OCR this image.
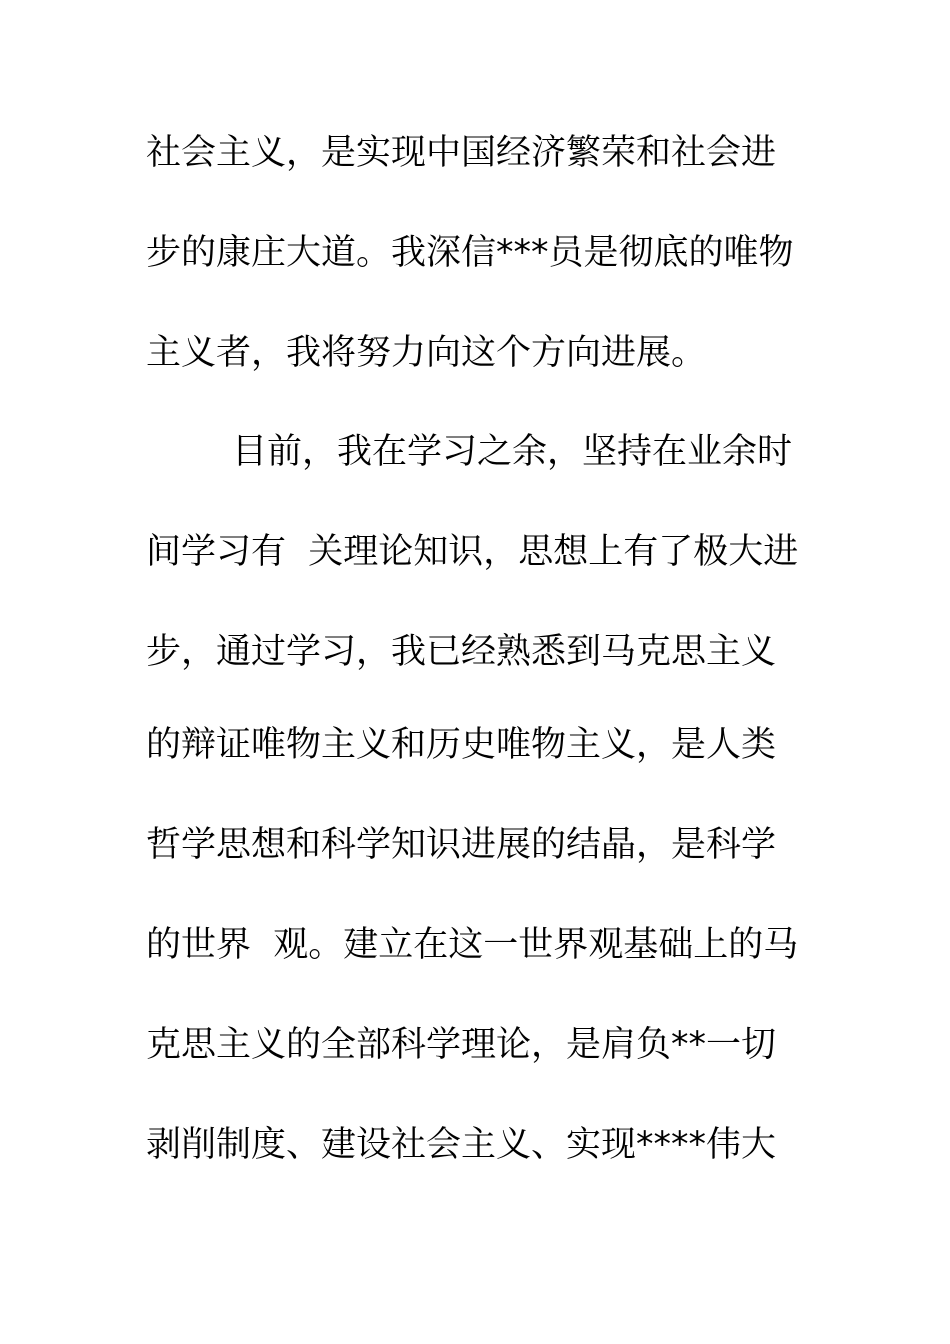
社会主义，是实现中国经济繁荣和社会进
步的康庄大道。我深信***员是彻底的唯物
主义者，我将努力向这个方向进展。
目前，我在学习之余，坚持在业余时
间学习有  关理论知识，思想上有了极大进
步，通过学习，我已经熟悉到马克思主义
的辩证唯物主义和历史唯物主义，是人类
哲学思想和科学知识进展的结晶，是科学
的世界  观。建立在这一世界观基础上的马
克思主义的全部科学理论，是肩负**一切
剥削制度、建设社会主义、实现****伟大
